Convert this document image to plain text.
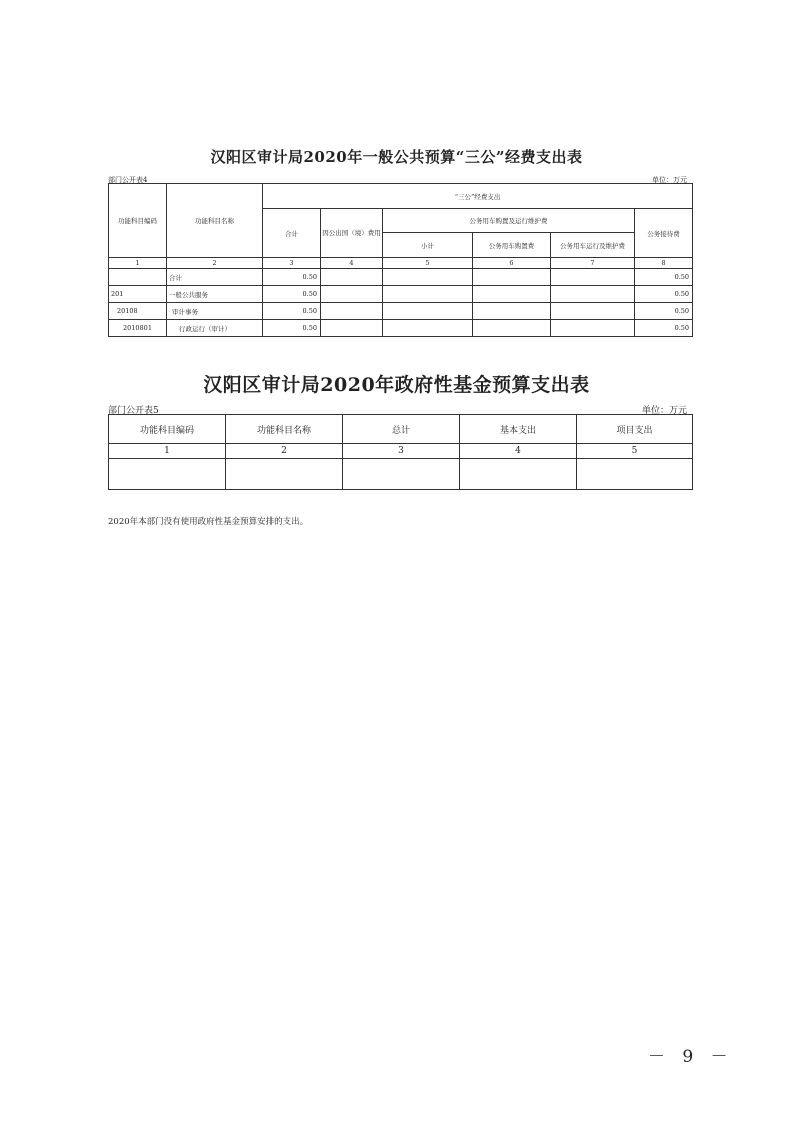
汉阳区审计局2020年一般公共预算“三公”经费支出表
部门公开表4	单位：万元
功能科目编码	功能科目名称	“三公”经费支出					
		合计	因公出国（境）费用	公务用车购置及运行维护费			公务接待费
				小计	公务用车购置费	公务用车运行及维护费	
1	2	3	4	5	6	7	8
	合计	0.50					0.50
201	一般公共服务	0.50					0.50
20108	审计事务	0.50					0.50
2010801	行政运行（审计）	0.50					0.50
汉阳区审计局2020年政府性基金预算支出表
部门公开表5	单位：万元
功能科目编码	功能科目名称	总计	基本支出	项目支出
1	2	3	4	5

2020年本部门没有使用政府性基金预算安排的支出。
－ 9 －
